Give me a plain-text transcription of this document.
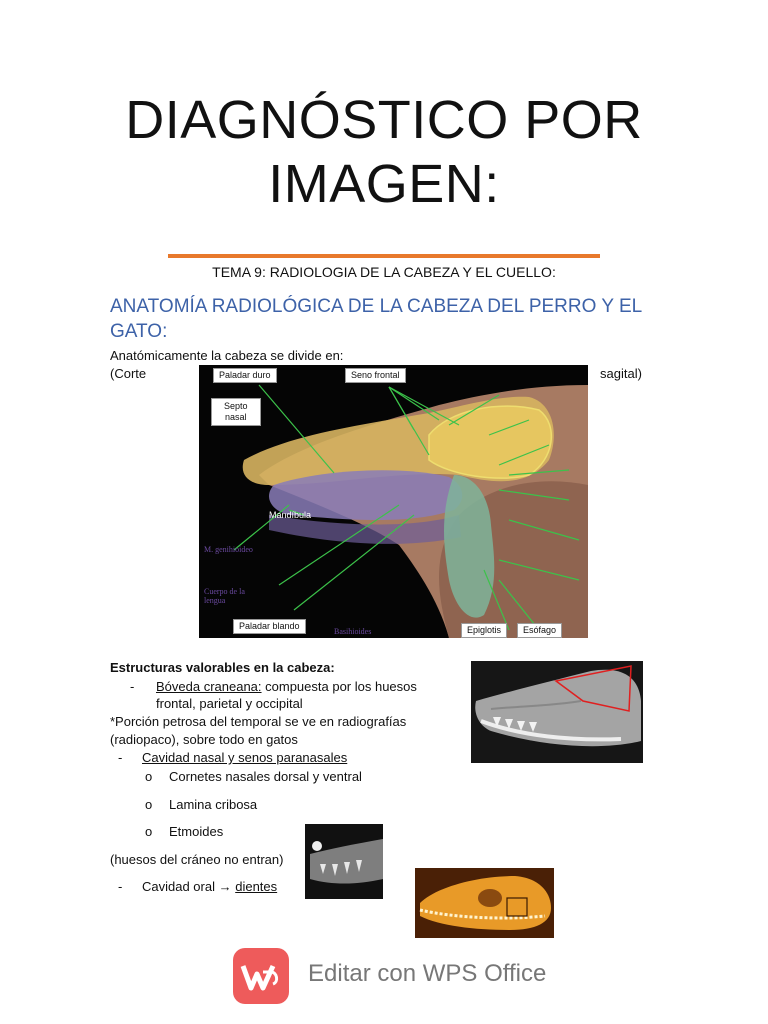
DIAGNÓSTICO POR
IMAGEN:
TEMA 9: RADIOLOGIA DE LA CABEZA Y EL CUELLO:
ANATOMÍA RADIOLÓGICA DE LA CABEZA DEL PERRO Y EL GATO:
Anatómicamente la cabeza se divide en:
(Corte	sagital)
Paladar duro	Seno frontal
Septo
nasal
Mandíbula
M. genihioideo
Cuerpo de la
lengua
Paladar blando
Basihioides	Epiglotis	Esófago
Estructuras valorables en la cabeza:
- Bóveda craneana: compuesta por los huesos
frontal, parietal y occipital
*Porción petrosa del temporal se ve en radiografías
(radiopaco), sobre todo en gatos
- Cavidad nasal y senos paranasales
o Cornetes nasales dorsal y ventral
o Lamina cribosa
o Etmoides
(huesos del cráneo no entran)
- Cavidad oral → dientes
Editar con WPS Office
